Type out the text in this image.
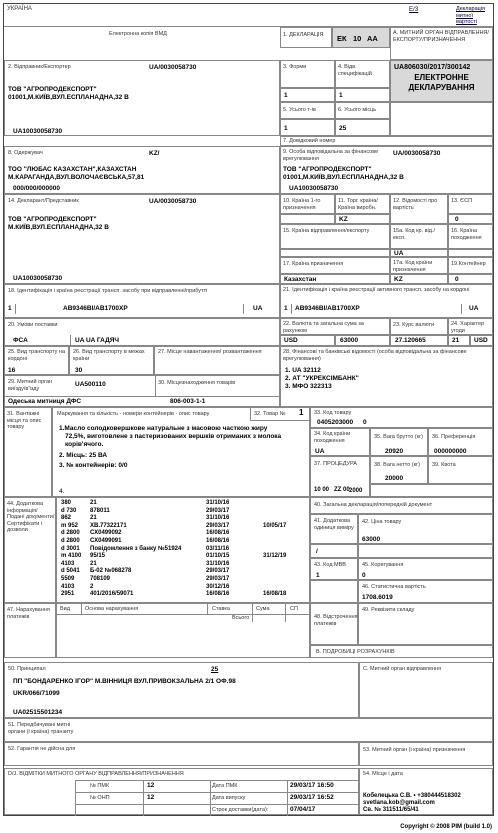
УКРАЇНА	Е/З	Декларація митної вартості
Електронна копія ВМД	1. ДЕКЛАРАЦІЯ ЕК 10 АА
А. МИТНИЙ ОРГАН ВІДПРАВЛЕННЯ/ЕКСПОРТУ/ПРИЗНАЧЕННЯ
UA806030/2017/300142
ЕЛЕКТРОННЕ
ДЕКЛАРУВАННЯ
2. Відправник/Експортер	UA/0030058730
ТОВ "АГРОПРОДЕКСПОРТ"
01001,М.КИЇВ,ВУЛ.ЕСПЛАНАДНА,32 В
UA10030058730
3. Форми	4. Відв. специфікацій
1	1
5. Усього т-ів	6. Усього місць
1	25
7. Довідковий номер
8. Одержувач	KZ/
ТОО "ЛЮБАС КАЗАХСТАН",КАЗАХСТАН
М.КАРАГАНДА,ВУЛ.ВОЛОЧАЄВСЬКА,57,81
000/000/000000
9. Особа відповідальна за фінансове врегулювання
UA/0030058730
ТОВ "АГРОПРОДЕКСПОРТ"
01001,М.КИЇВ,ВУЛ.ЕСПЛАНАДНА,32 В
UA10030058730
14. Декларант/Представник	UA/0030058730
ТОВ "АГРОПРОДЕКСПОРТ"
М.КИЇВ,ВУЛ.ЕСПЛАНАДНА,32 В
UA10030058730
10. Країна 1-го призначення
11. Торг. країна/Країна виробн.
12. Відомості про вартість
13. ЄСП
KZ	0
15. Країна відправлення/експорту	15а. Код кр. від./ експ.
16. Країна походження
UA
17. Країна призначення	17а. Код країни призначення
19.Контейнер
Казахстан	KZ	0
18. Ідентифікація і країна реєстрації трансп. засобу при відправленні/прибутті
1	AB9346BI/AB1700XP	UA
21. Ідентифікація і країна реєстрації активного трансп. засобу на кордоні
1 AB9346BI/AB1700XP	UA
20. Умови поставки
ФСА	UA UA ГАДЯЧ
22. Валюта та загальна сума за рахунком
23. Курс валюти	24. Характер угоди
USD	63000	27.120665	21 USD
25. Вид транспорту на кордоні
16
26. Вид транспорту в межах країни
30
27. Місце навантаження/ розвантаження	28. Фінансові та банківські відомості (особа відповідальна за фінансове врегулювання)
1. UA 32112
2. АТ "УКРЕКСІМБАНК"
3. МФО 322313
29. Митний орган виїзду/в'їзду
UA500110
Одеська митниця ДФС
30. Місцезнаходження товарів
806-003-1-1
31. Вантажні місця та опис товару
Маркування та кількість - номери контейнерів - опис товару
1.Масло солодковершкове натуральне з масовою часткою жиру
72,5%, виготовлене з пастеризованих вершків отриманих з молока
корів'ячого.
2. Місць: 25 ВА
3. № контейнерів: 0/0
4.
32. Товар № 1 33. Код товару
0405203000 0
34. Код країни походження
UA
35. Вага брутто (кг)
20920
36. Преференція
000000000
37. ПРОЦЕДУРА
10 00 ZZ 00
38. Вага нетто (кг)
20000
39. Квота
2000
40. Загальна декларація/попередній документ
44. Додаткова інформація/ Подані документи/ Сертифікати і дозволи
380	21	31/10/16
d 730 878011	29/03/17
862	21	31/10/16
m 952 ХВ.77322171	29/03/17	10/05/17
d 2800 СХ0499092	16/08/16
d 2800 СХ0499091	16/08/16
d 3001 Повідомлення з банку №51924	03/11/16
m 4100 95/15	01/10/15	31/12/19
4103	21	31/10/16
d 5041 Б-02 №068278	29/03/17
5509	708109	29/03/17
4103	2	30/12/16
2951	401/2016/59071	16/08/16	16/08/18
41. Додаткова одиниця виміру
42. Ціна товару
63000
/
43. Код МВВ
1
45. Коригування
0
46. Статистична вартість
1708.6019
47. Нарахування платежів
Вид	Основа нарахування	Ставка	Сума	СП
Всього	48. Відстрочення платежів
49. Реквізити складу
В. ПОДРОБИЦІ РОЗРАХУНКІВ
50. Принципал	25
ПП "БОНДАРЕНКО ІГОР" М.ВІННИЦЯ ВУЛ.ПРИВОКЗАЛЬНА 2/1 ОФ.98
UKR/066/71099
UA02515501234
С. Митний орган відправлення
51. Передбачувані митні органи (і країна) транзиту
52. Гарантія не дійсна для	53. Митний орган (і країна) призначення
D/J. ВІДМІТКИ МИТНОГО ОРГАНУ ВІДПРАВЛЕННЯ/ПРИЗНАЧЕННЯ
№ ПМК	12	Дата ПМК	29/03/17 16:50
№ ОНП	12	Дата випуску	29/03/17 16:52
Строк доставки(дата):	07/04/17
54. Місце і дата
Кобелецька С.В. • +380444518302
svetlana.kob@gmail.com
Св. № 311511/65/41
Copyright © 2008 PIM (build 1.0)
